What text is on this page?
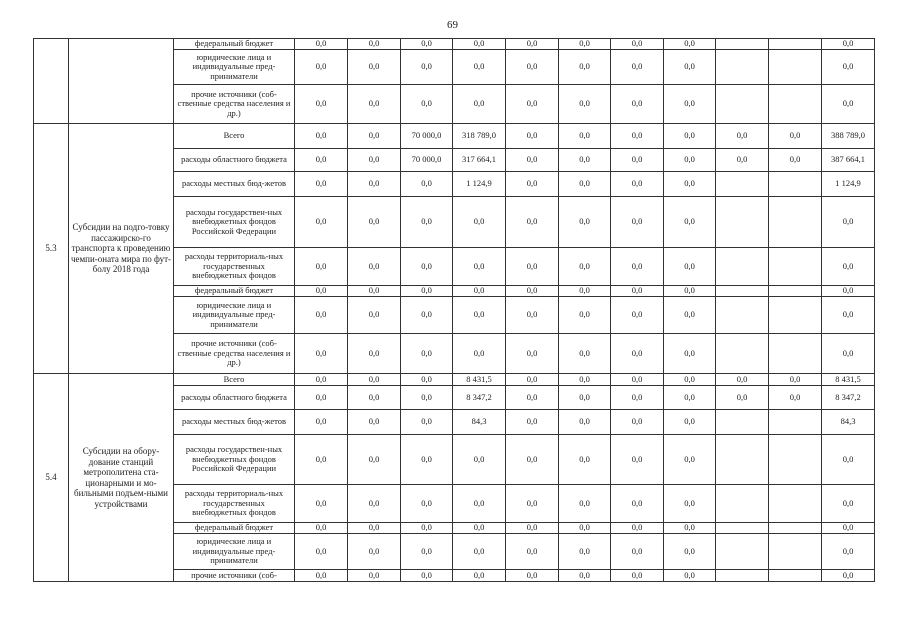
69
		федеральный бюджет	0,0	0,0	0,0	0,0	0,0	0,0	0,0	0,0			0,0
		юридические лица и индивидуальные пред-приниматели	0,0	0,0	0,0	0,0	0,0	0,0	0,0	0,0			0,0
		прочие источники (соб-ственные средства населения и др.)	0,0	0,0	0,0	0,0	0,0	0,0	0,0	0,0			0,0
5.3	Субсидии на подго-товку пассажирско-го транспорта к проведению чемпи-оната мира по фут-болу 2018 года	Всего	0,0	0,0	70 000,0	318 789,0	0,0	0,0	0,0	0,0	0,0	0,0	388 789,0
		расходы областного бюджета	0,0	0,0	70 000,0	317 664,1	0,0	0,0	0,0	0,0	0,0	0,0	387 664,1
		расходы местных бюд-жетов	0,0	0,0	0,0	1 124,9	0,0	0,0	0,0	0,0			1 124,9
		расходы государствен-ных внебюджетных фондов Российской Федерации	0,0	0,0	0,0	0,0	0,0	0,0	0,0	0,0			0,0
		расходы территориаль-ных государственных внебюджетных фондов	0,0	0,0	0,0	0,0	0,0	0,0	0,0	0,0			0,0
		федеральный бюджет	0,0	0,0	0,0	0,0	0,0	0,0	0,0	0,0			0,0
		юридические лица и индивидуальные пред-приниматели	0,0	0,0	0,0	0,0	0,0	0,0	0,0	0,0			0,0
		прочие источники (соб-ственные средства населения и др.)	0,0	0,0	0,0	0,0	0,0	0,0	0,0	0,0			0,0
5.4	Субсидии на обору-дование станций метрополитена ста-ционарными и мо-бильными подъем-ными устройствами	Всего	0,0	0,0	0,0	8 431,5	0,0	0,0	0,0	0,0	0,0	0,0	8 431,5
		расходы областного бюджета	0,0	0,0	0,0	8 347,2	0,0	0,0	0,0	0,0	0,0	0,0	8 347,2
		расходы местных бюд-жетов	0,0	0,0	0,0	84,3	0,0	0,0	0,0	0,0			84,3
		расходы государствен-ных внебюджетных фондов Российской Федерации	0,0	0,0	0,0	0,0	0,0	0,0	0,0	0,0			0,0
		расходы территориаль-ных государственных внебюджетных фондов	0,0	0,0	0,0	0,0	0,0	0,0	0,0	0,0			0,0
		федеральный бюджет	0,0	0,0	0,0	0,0	0,0	0,0	0,0	0,0			0,0
		юридические лица и индивидуальные пред-приниматели	0,0	0,0	0,0	0,0	0,0	0,0	0,0	0,0			0,0
		прочие источники (соб-	0,0	0,0	0,0	0,0	0,0	0,0	0,0	0,0			0,0
